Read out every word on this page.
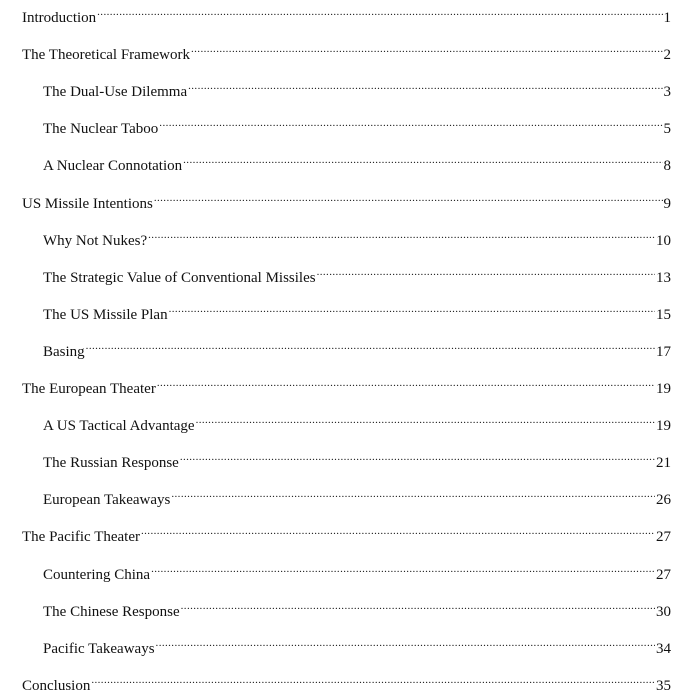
Introduction .....	1
The Theoretical Framework .....	2
The Dual-Use Dilemma .....	3
The Nuclear Taboo .....	5
A Nuclear Connotation .....	8
US Missile Intentions .....	9
Why Not Nukes? .....	10
The Strategic Value of Conventional Missiles .....	13
The US Missile Plan .....	15
Basing .....	17
The European Theater .....	19
A US Tactical Advantage .....	19
The Russian Response .....	21
European Takeaways .....	26
The Pacific Theater .....	27
Countering China .....	27
The Chinese Response .....	30
Pacific Takeaways .....	34
Conclusion .....	35
